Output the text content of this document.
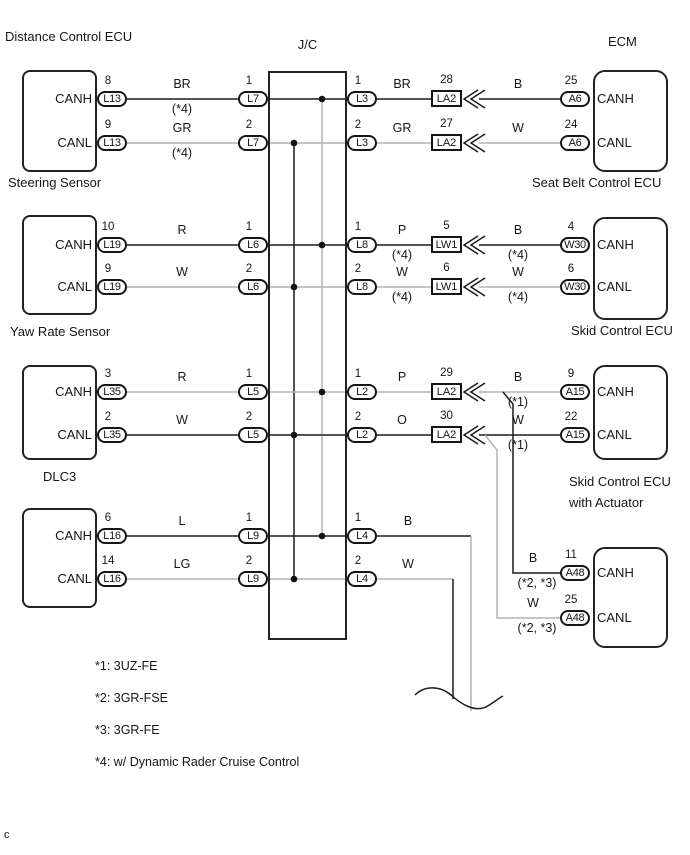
Distance Control ECU
J/C	ECM
Steering Sensor	Seat Belt Control ECU
Yaw Rate Sensor	Skid Control ECU
DLC3	Skid Control ECU
with Actuator
*1: 3UZ-FE
*2: 3GR-FSE
*3: 3GR-FE
*4: w/ Dynamic Rader Cruise Control
c
CANH	L13
8	BR
(*4)
L7
1
CANL	L13
9	GR
(*4)
L7
2
CANH	L19
10	R
L6
1
CANL	L19
9	W
L6
2
CANH	L35
3	R
L5
1
CANL	L35
2	W
L5
2
CANH	L16
6	L
L9
1
CANL	L16
14	LG
L9
2
L3
1	BR
LA2
28	B
A6
25
CANH
L3
2	GR
LA2
27	W
A6
24
CANL
L8
1	P
(*4)
LW1
5	B
(*4)
W30
4
CANH
L8
2	W
(*4)
LW1
6	W
(*4)
W30
6
CANL
L2
1	P
LA2
29	B
(*1)
A15
9
CANH
L2
2	O
LA2
30	W
(*1)
A15
22
CANL
A48
11
CANH
B
(*2, *3)
A48
25
CANL
W
(*2, *3)
L4
1	B
L4
2	W
